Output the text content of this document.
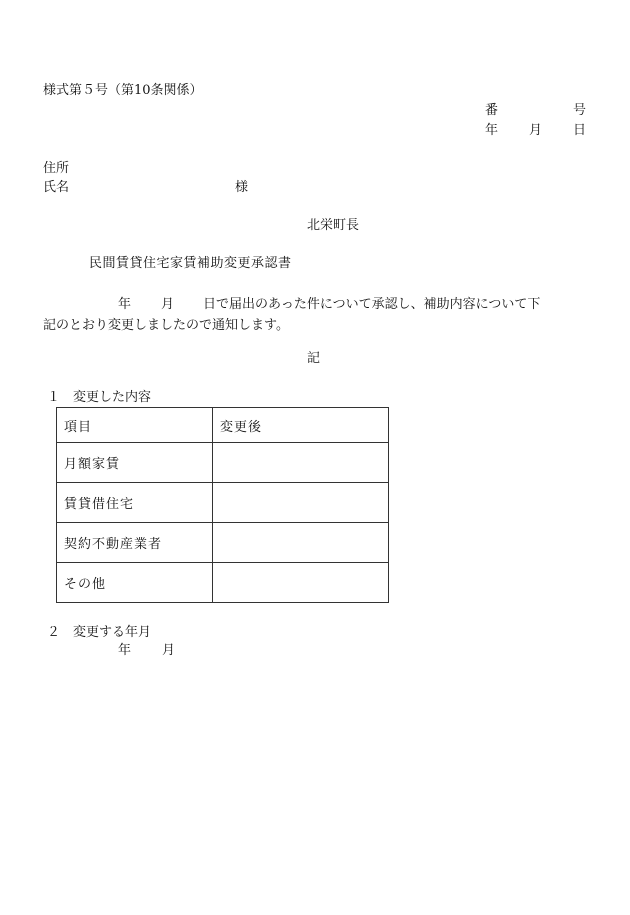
様式第５号（第10条関係）
番	号
年 月 日
住所
氏名	様
北栄町長
民間賃貸住宅家賃補助変更承認書
年 月 日で届出のあった件について承認し、補助内容について下
記のとおり変更しましたので通知します。
記
１　変更した内容
項目	変更後
月額家賃	
賃貸借住宅	
契約不動産業者	
その他	
２　変更する年月
年 月
